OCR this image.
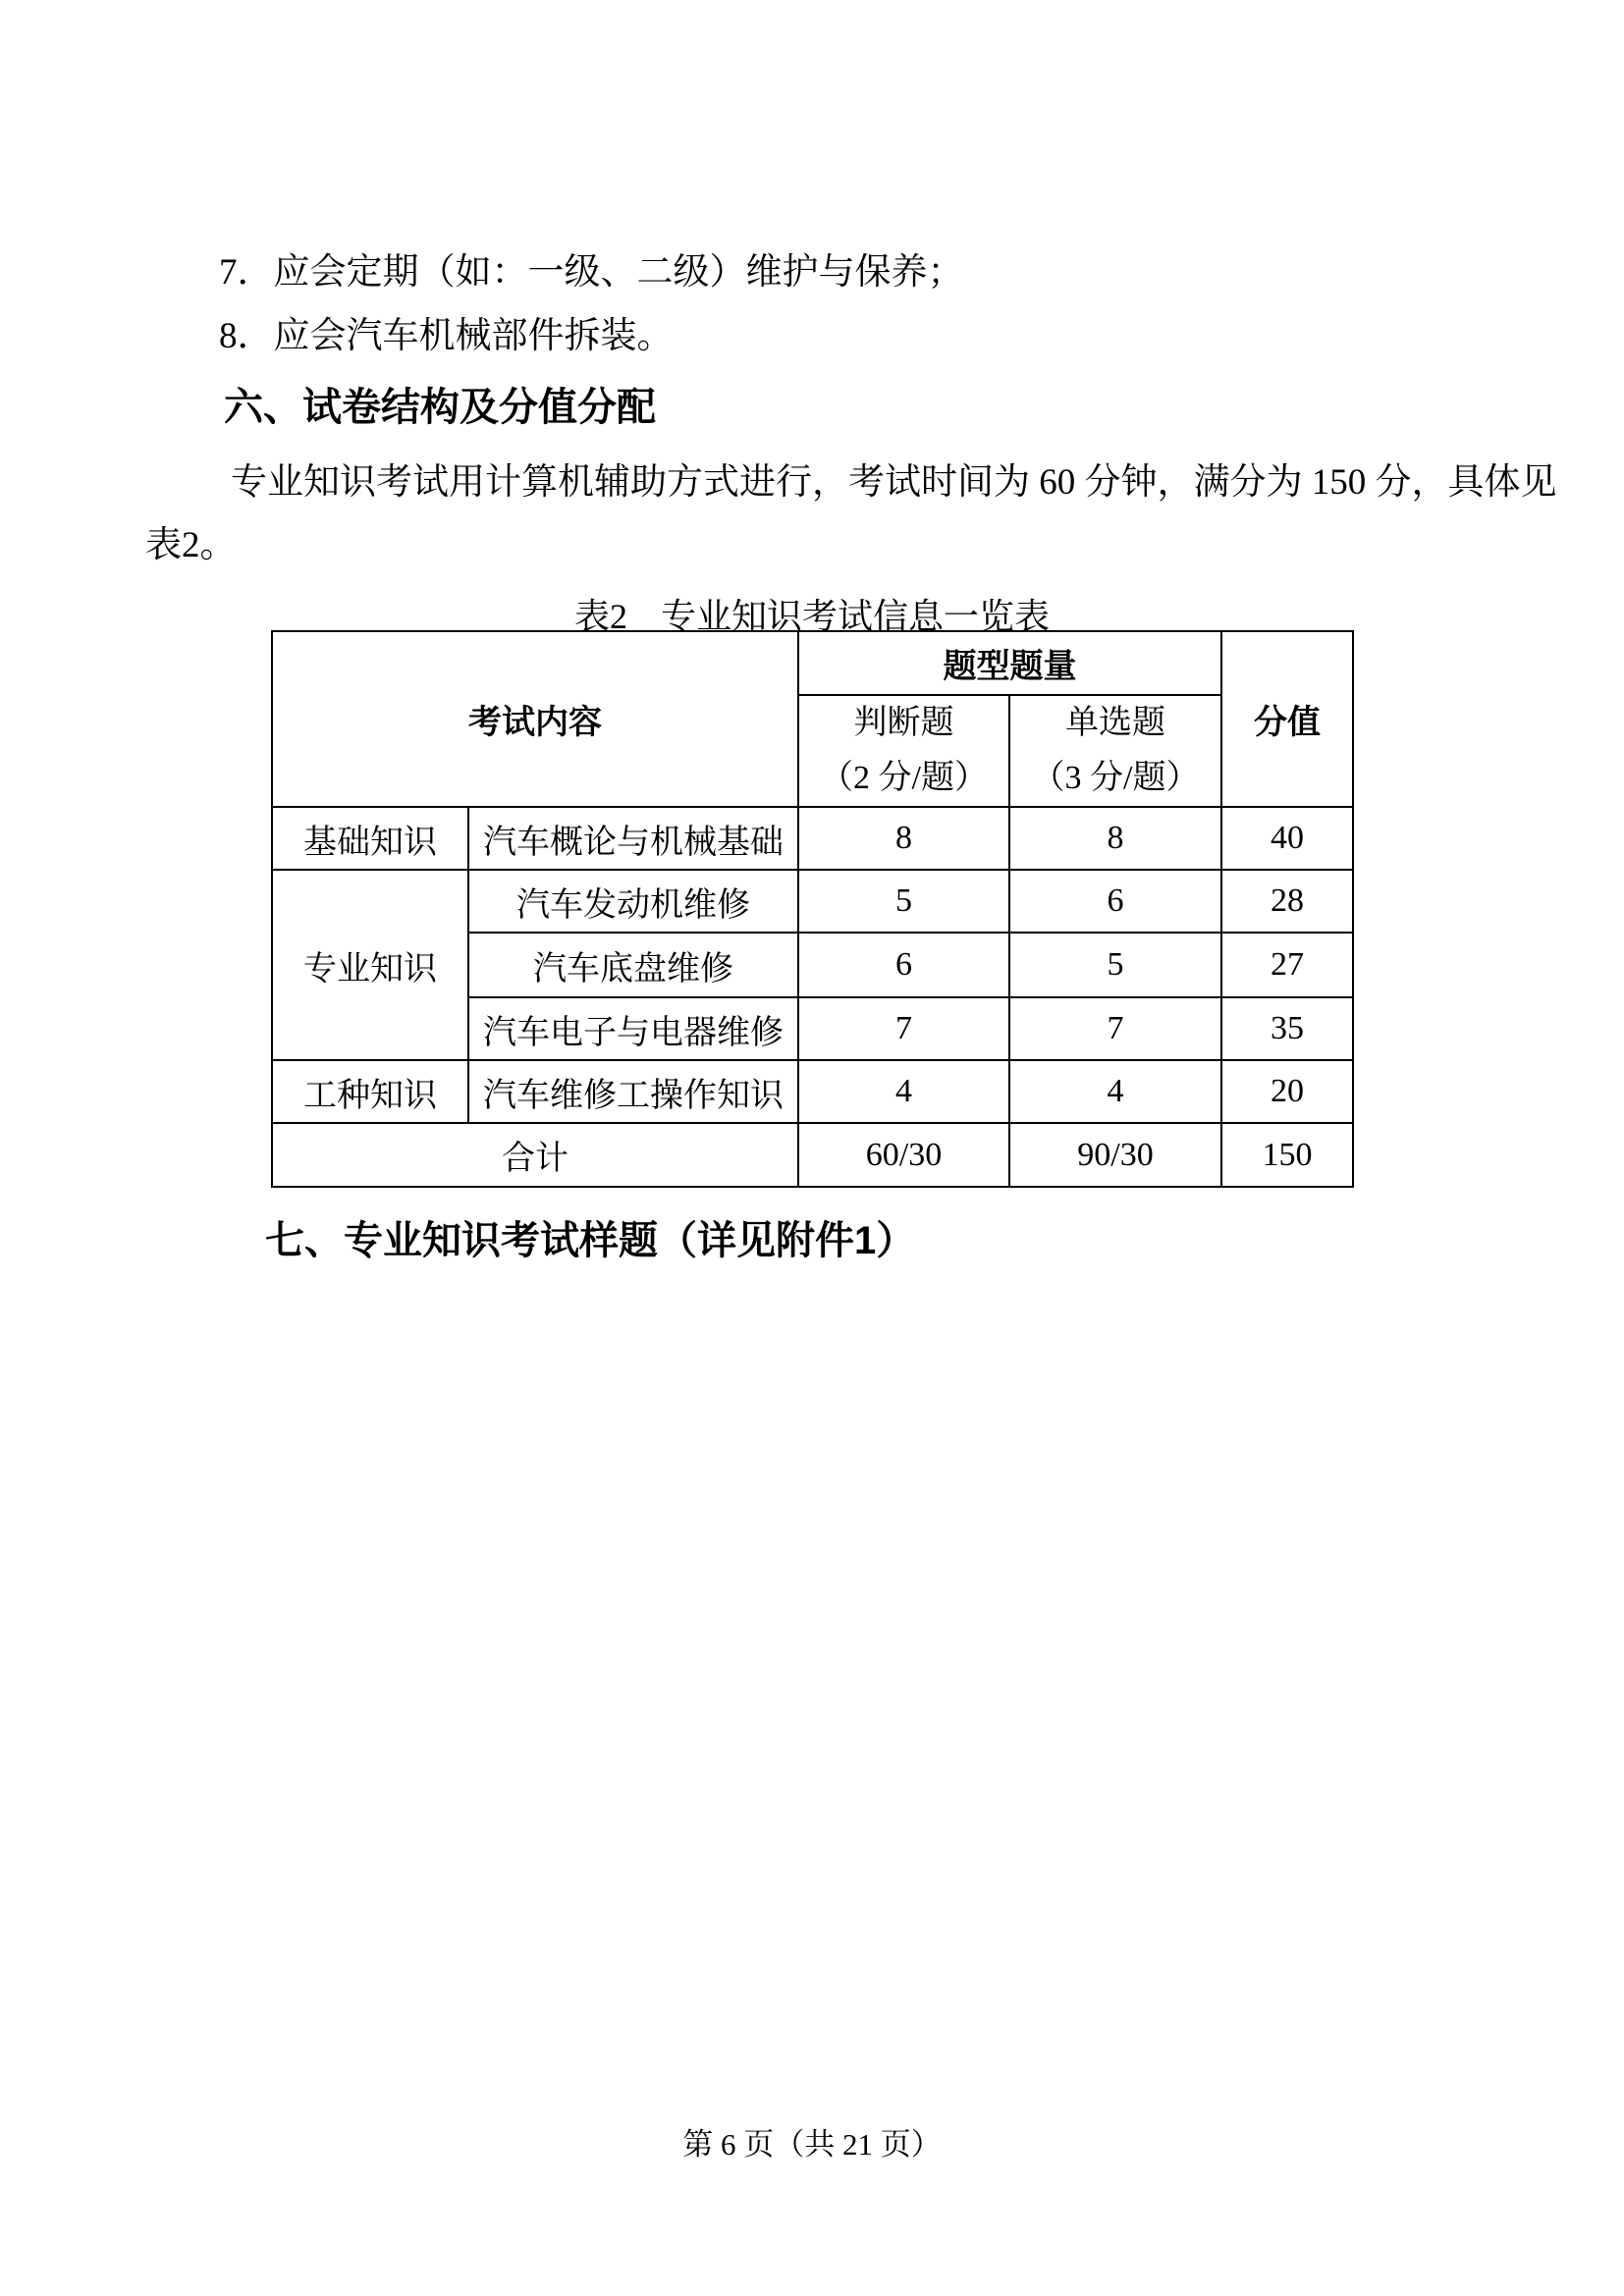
7．应会定期（如：一级、二级）维护与保养；
8．应会汽车机械部件拆装。
六、试卷结构及分值分配
专业知识考试用计算机辅助方式进行，考试时间为 60 分钟，满分为 150 分，具体见
表2。
表2 专业知识考试信息一览表
考试内容		题型题量		分值

判断题
（2 分/题）

单选题
（3 分/题）

基础知识	汽车概论与机械基础	8	8	40
专业知识	汽车发动机维修	5	6	28
	汽车底盘维修	6	5	27
	汽车电子与电器维修	7	7	35
工种知识	汽车维修工操作知识	4	4	20
合计		60/30	90/30	150
七、专业知识考试样题（详见附件1）
第 6 页（共 21 页）
